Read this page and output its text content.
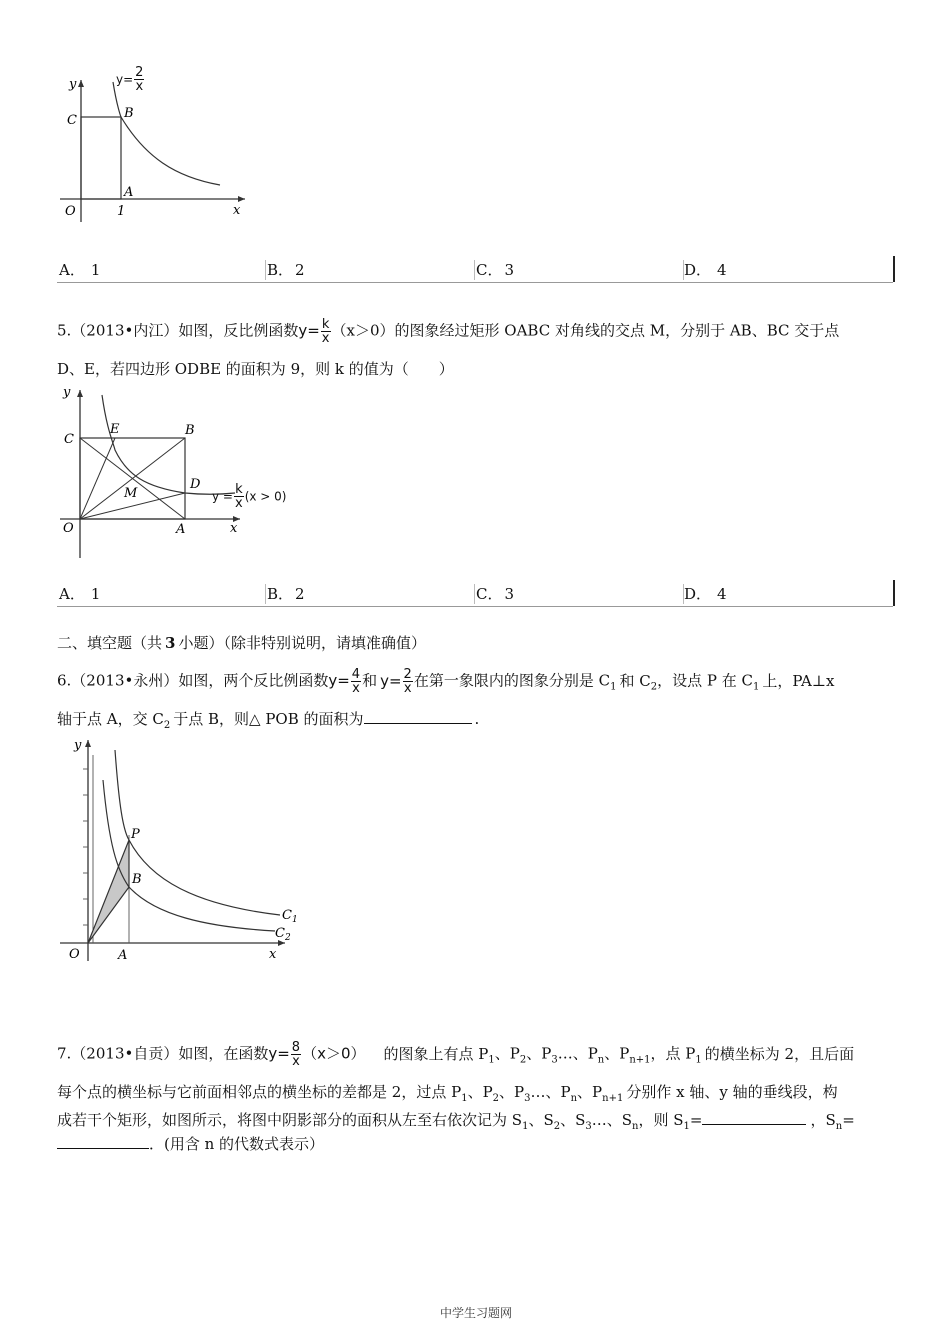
y
x
O
C	B
A
1
$y= \frac{2}{x}$
A． 1	B． 2	C． 3	D． 4
5.（2013•内江）如图，反比例函数$y= \frac{k}{x} (x>0)$的图象经过矩形 OABC 对角线的交点 M，分别于 AB、BC 交于点
D、E，若四边形 ODBE 的面积为 9，则 k 的值为（　　）
y
x
O
C
E	B
D
M
A
$y = \frac{k}{x} (x > 0)$
A． 1	B． 2	C． 3	D． 4
二、填空题（共 3 小题）（除非特别说明，请填准确值）
6.（2013•永州）如图，两个反比例函数$y= \frac{4}{x}$ 和 $y= \frac{2}{x}$ 在第一象限内的图象分别是 $C_1$ 和 $C_2$，设点 P 在 $C_1$ 上，PA⊥x
轴于点 A，交 $C_2$ 于点 B，则△ POB 的面积为	.
y
x
O	A
P
B
$C_1$
$C_2$
7.（2013•自贡）如图，在函数$y= \frac{8}{x} (x>0)$ 的图象上有点 $P_1$、$P_2$、$P_3\dots$、$P_n$、$P_{n+1}$，点 $P_1$ 的横坐标为 2，且后面
每个点的横坐标与它前面相邻点的横坐标的差都是 2，过点 $P_1$、$P_2$、$P_3\dots$、$P_n$、$P_{n+1}$ 分别作 x 轴、y 轴的垂线段，构
成若干个矩形，如图所示，将图中阴影部分的面积从左至右依次记为 $S_1$、$S_2$、$S_3\dots$、$S_n$，则 $S_1=$	，$S_n=$
．(用含 n 的代数式表示）
中学生习题网
